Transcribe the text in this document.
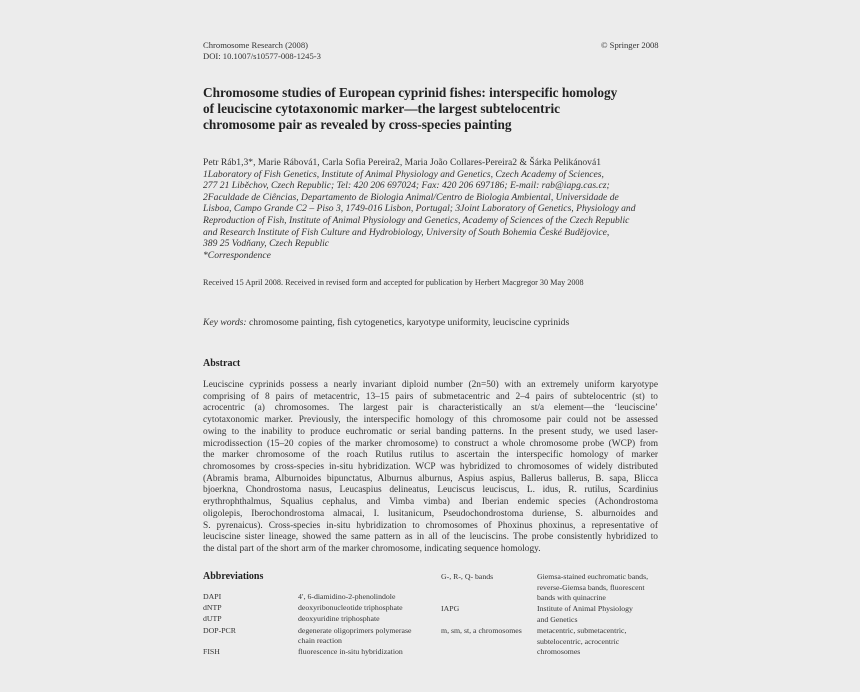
Chromosome Research (2008)
DOI: 10.1007/s10577-008-1245-3
© Springer 2008
Chromosome studies of European cyprinid fishes: interspecific homology
of leuciscine cytotaxonomic marker—the largest subtelocentric
chromosome pair as revealed by cross-species painting
Petr Ráb1,3*, Marie Rábová1, Carla Sofia Pereira2, Maria João Collares-Pereira2 & Šárka Pelikánová1
1Laboratory of Fish Genetics, Institute of Animal Physiology and Genetics, Czech Academy of Sciences,
277 21 Liběchov, Czech Republic; Tel: 420 206 697024; Fax: 420 206 697186; E-mail: rab@iapg.cas.cz;
2Faculdade de Ciências, Departamento de Biologia Animal/Centro de Biologia Ambiental, Universidade de
Lisboa, Campo Grande C2 – Piso 3, 1749-016 Lisbon, Portugal; 3Joint Laboratory of Genetics, Physiology and
Reproduction of Fish, Institute of Animal Physiology and Genetics, Academy of Sciences of the Czech Republic
and Research Institute of Fish Culture and Hydrobiology, University of South Bohemia České Budějovice,
389 25 Vodňany, Czech Republic
*Correspondence
Received 15 April 2008. Received in revised form and accepted for publication by Herbert Macgregor 30 May 2008
Key words: chromosome painting, fish cytogenetics, karyotype uniformity, leuciscine cyprinids
Abstract
Leuciscine cyprinids possess a nearly invariant diploid number (2n=50) with an extremely uniform karyotype
comprising of 8 pairs of metacentric, 13–15 pairs of submetacentric and 2–4 pairs of subtelocentric (st) to
acrocentric (a) chromosomes. The largest pair is characteristically an st/a element—the ‘leuciscine’
cytotaxonomic marker. Previously, the interspecific homology of this chromosome pair could not be assessed
owing to the inability to produce euchromatic or serial banding patterns. In the present study, we used laser-
microdissection (15–20 copies of the marker chromosome) to construct a whole chromosome probe (WCP) from
the marker chromosome of the roach Rutilus rutilus to ascertain the interspecific homology of marker
chromosomes by cross-species in-situ hybridization. WCP was hybridized to chromosomes of widely distributed
(Abramis brama, Alburnoides bipunctatus, Alburnus alburnus, Aspius aspius, Ballerus ballerus, B. sapa, Blicca
bjoerkna, Chondrostoma nasus, Leucaspius delineatus, Leuciscus leuciscus, L. idus, R. rutilus, Scardinius
erythrophthalmus, Squalius cephalus, and Vimba vimba) and Iberian endemic species (Achondrostoma
oligolepis, Iberochondrostoma almacai, I. lusitanicum, Pseudochondrostoma duriense, S. alburnoides and
S. pyrenaicus). Cross-species in-situ hybridization to chromosomes of Phoxinus phoxinus, a representative of
leuciscine sister lineage, showed the same pattern as in all of the leuciscins. The probe consistently hybridized to
the distal part of the short arm of the marker chromosome, indicating sequence homology.
Abbreviations
DAPI	4′, 6-diamidino-2-phenolindole
dNTP	deoxyribonucleotide triphosphate
dUTP	deoxyuridine triphosphate
DOP-PCR	degenerate oligoprimers polymerase
chain reaction
FISH	fluorescence in-situ hybridization
G-, R-, Q- bands	Giemsa-stained euchromatic bands,
reverse-Giemsa bands, fluorescent
bands with quinacrine
IAPG	Institute of Animal Physiology
and Genetics
m, sm, st, a chromosomes	metacentric, submetacentric,
subtelocentric, acrocentric
chromosomes
